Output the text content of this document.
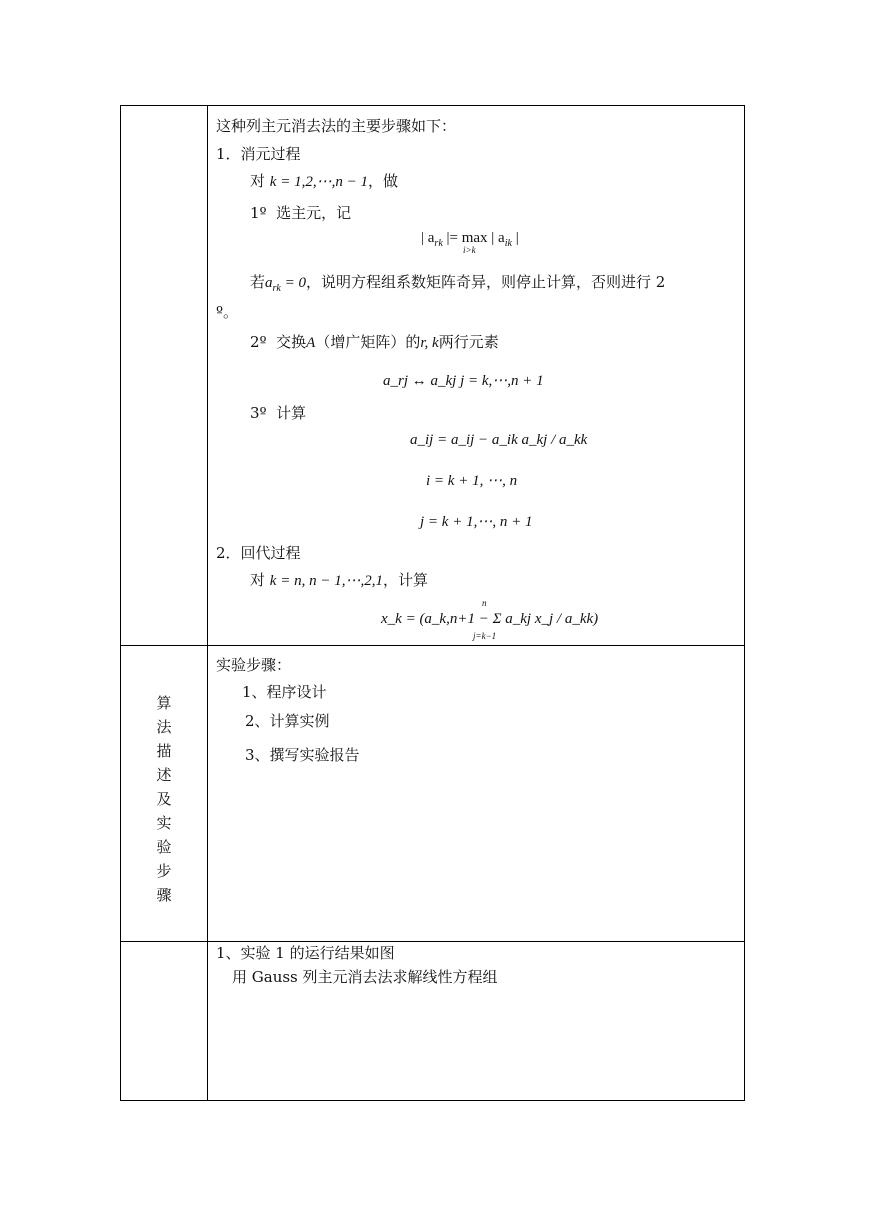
这种列主元消去法的主要步骤如下：
1．消元过程
对 k = 1,2,⋯,n − 1，做
1º 选主元，记
| $a_{rk}$ |= max | $a_{ik}$ |
i>k
若$a_{rk} = 0$，说明方程组系数矩阵奇异，则停止计算，否则进行 2
º。
2º 交换A（增广矩阵）的r, k两行元素
a_rj ↔ a_kj j = k,⋯,n + 1
3º 计算
a_ij = a_ij − a_ik a_kj / a_kk
i = k + 1, ⋯, n
j = k + 1,⋯, n + 1
2．回代过程
对 k = n, n − 1,⋯,2,1，计算
x_k = (a_k,n+1 − Σ a_kj x_j / a_kk)
n
j=k−1
算
法
描
述
及
实
验
步
骤
实验步骤：
1、程序设计
2、计算实例
3、撰写实验报告
1、实验 1 的运行结果如图
用 Gauss 列主元消去法求解线性方程组
